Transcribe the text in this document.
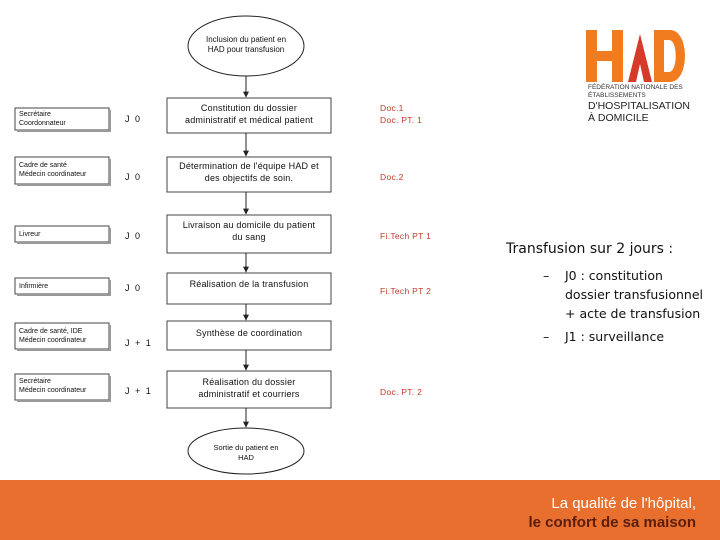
Inclusion du patient en
HAD pour transfusion
Sortie du patient en
HAD
Secrétaire
Coordonnateur	J 0
Constitution du dossier
administratif et médical patient
Doc.1
Doc. PT. 1
Cadre de santé
Médecin coordinateur	J 0
Détermination de l'équipe HAD et
des objectifs de soin.	Doc.2
Livreur	J 0
Livraison au domicile du patient
du sang	Fi.Tech PT 1
Infirmière	J 0	Réalisation de la transfusion
Fi.Tech PT 2
Cadre de santé, IDE
Médecin coordinateur	J + 1
Synthèse de coordination
Secrétaire
Médecin coordinateur	J + 1
Réalisation du dossier
administratif et courriers	Doc. PT. 2
Transfusion sur 2 jours :
– J0 : constitution
dossier transfusionnel
+ acte de transfusion
– J1 : surveillance
FÉDÉRATION NATIONALE DES ÉTABLISSEMENTS
D'HOSPITALISATION
À DOMICILE
La qualité de l'hôpital,
le confort de sa maison
